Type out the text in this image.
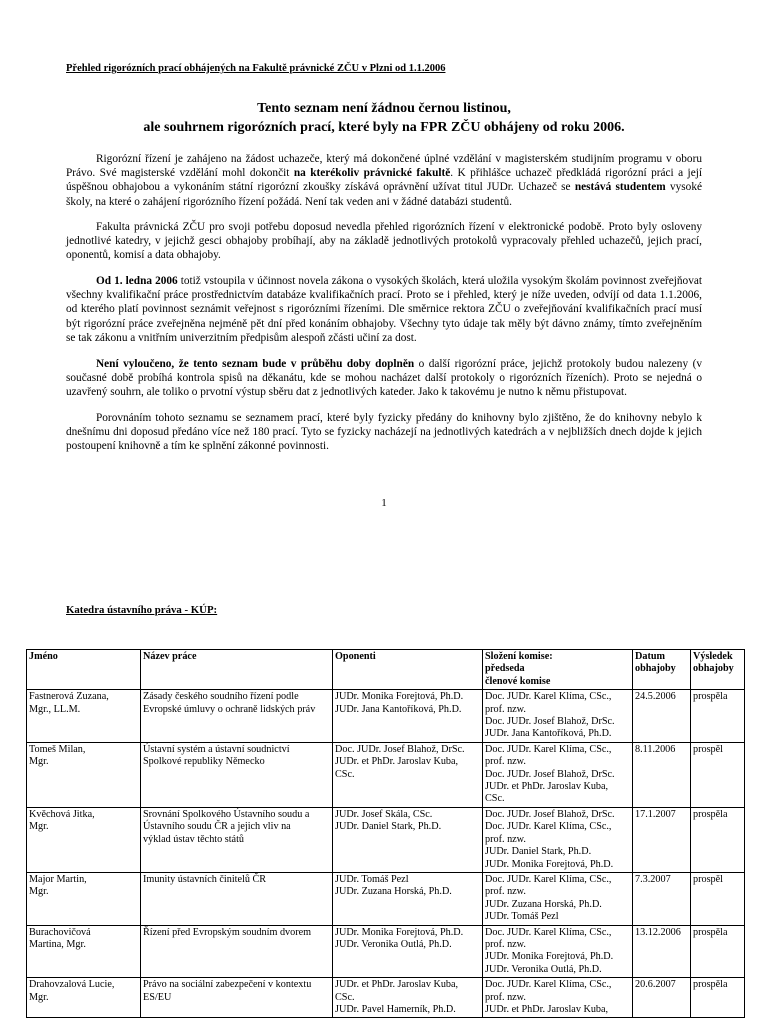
Přehled rigorózních prací obhájených na Fakultě právnické ZČU v Plzni od 1.1.2006
Tento seznam není žádnou černou listinou,
ale souhrnem rigorózních prací, které byly na FPR ZČU obhájeny od roku 2006.
Rigorózní řízení je zahájeno na žádost uchazeče, který má dokončené úplné vzdělání v magisterském studijním programu v oboru Právo. Své magisterské vzdělání mohl dokončit na kterékoliv právnické fakultě. K přihlášce uchazeč předkládá rigorózní práci a její úspěšnou obhajobou a vykonáním státní rigorózní zkoušky získává oprávnění užívat titul JUDr. Uchazeč se nestává studentem vysoké školy, na které o zahájení rigorózního řízení požádá. Není tak veden ani v žádné databázi studentů.
Fakulta právnická ZČU pro svoji potřebu doposud nevedla přehled rigorózních řízení v elektronické podobě. Proto byly osloveny jednotlivé katedry, v jejichž gesci obhajoby probíhají, aby na základě jednotlivých protokolů vypracovaly přehled uchazečů, jejich prací, oponentů, komisí a data obhajoby.
Od 1. ledna 2006 totiž vstoupila v účinnost novela zákona o vysokých školách, která uložila vysokým školám povinnost zveřejňovat všechny kvalifikační práce prostřednictvím databáze kvalifikačních prací. Proto se i přehled, který je níže uveden, odvíjí od data 1.1.2006, od kterého platí povinnost seznámit veřejnost s rigorózními řízeními. Dle směrnice rektora ZČU o zveřejňování kvalifikačních prací musí být rigorózní práce zveřejněna nejméně pět dní před konáním obhajoby. Všechny tyto údaje tak měly být dávno známy, tímto zveřejněním se tak zákonu a vnitřním univerzitním předpisům alespoň zčásti učiní za dost.
Není vyloučeno, že tento seznam bude v průběhu doby doplněn o další rigorózní práce, jejichž protokoly budou nalezeny (v současné době probíhá kontrola spisů na děkanátu, kde se mohou nacházet další protokoly o rigorózních řízeních). Proto se nejedná o uzavřený souhrn, ale toliko o prvotní výstup sběru dat z jednotlivých kateder. Jako k takovému je nutno k němu přistupovat.
Porovnáním tohoto seznamu se seznamem prací, které byly fyzicky předány do knihovny bylo zjištěno, že do knihovny nebylo k dnešnímu dni doposud předáno více než 180 prací. Tyto se fyzicky nacházejí na jednotlivých katedrách a v nejbližších dnech dojde k jejich postoupení knihovně a tím ke splnění zákonné povinnosti.
1
Katedra ústavního práva - KÚP:
Jméno	Název práce	Oponenti	Složení komise:
předseda
členové komise	Datum
obhajoby	Výsledek
obhajoby

Fastnerová Zuzana,
Mgr., LL.M.	Zásady českého soudního řízení podle
Evropské úmluvy o ochraně lidských práv	JUDr. Monika Forejtová, Ph.D.
JUDr. Jana Kantoříková, Ph.D.	Doc. JUDr. Karel Klíma, CSc.,
prof. nzw.
Doc. JUDr. Josef Blahož, DrSc.
JUDr. Jana Kantoříková, Ph.D.	24.5.2006	prospěla

Tomeš Milan,
Mgr.	Ústavní systém a ústavní soudnictví
Spolkové republiky Německo	Doc. JUDr. Josef Blahož, DrSc.
JUDr. et PhDr. Jaroslav Kuba,
CSc.	Doc. JUDr. Karel Klíma, CSc.,
prof. nzw.
Doc. JUDr. Josef Blahož, DrSc.
JUDr. et PhDr. Jaroslav Kuba,
CSc.	8.11.2006	prospěl

Kvěchová Jitka,
Mgr.	Srovnání Spolkového Ústavního soudu a
Ústavního soudu ČR a jejich vliv na
výklad ústav těchto států	JUDr. Josef Skála, CSc.
JUDr. Daniel Stark, Ph.D.	Doc. JUDr. Josef Blahož, DrSc.
Doc. JUDr. Karel Klíma, CSc.,
prof. nzw.
JUDr. Daniel Stark, Ph.D.
JUDr. Monika Forejtová, Ph.D.	17.1.2007	prospěla

Major Martin,
Mgr.	Imunity ústavních činitelů ČR	JUDr. Tomáš Pezl
JUDr. Zuzana Horská, Ph.D.	Doc. JUDr. Karel Klíma, CSc.,
prof. nzw.
JUDr. Zuzana Horská, Ph.D.
JUDr. Tomáš Pezl	7.3.2007	prospěl

Burachovičová
Martina, Mgr.	Řízení před Evropským soudním dvorem	JUDr. Monika Forejtová, Ph.D.
JUDr. Veronika Outlá, Ph.D.	Doc. JUDr. Karel Klíma, CSc.,
prof. nzw.
JUDr. Monika Forejtová, Ph.D.
JUDr. Veronika Outlá, Ph.D.	13.12.2006	prospěla

Drahovzalová Lucie,
Mgr.	Právo na sociální zabezpečení v kontextu
ES/EU	JUDr. et PhDr. Jaroslav Kuba,
CSc.
JUDr. Pavel Hamerník, Ph.D.	Doc. JUDr. Karel Klíma, CSc.,
prof. nzw.
JUDr. et PhDr. Jaroslav Kuba,	20.6.2007	prospěla
